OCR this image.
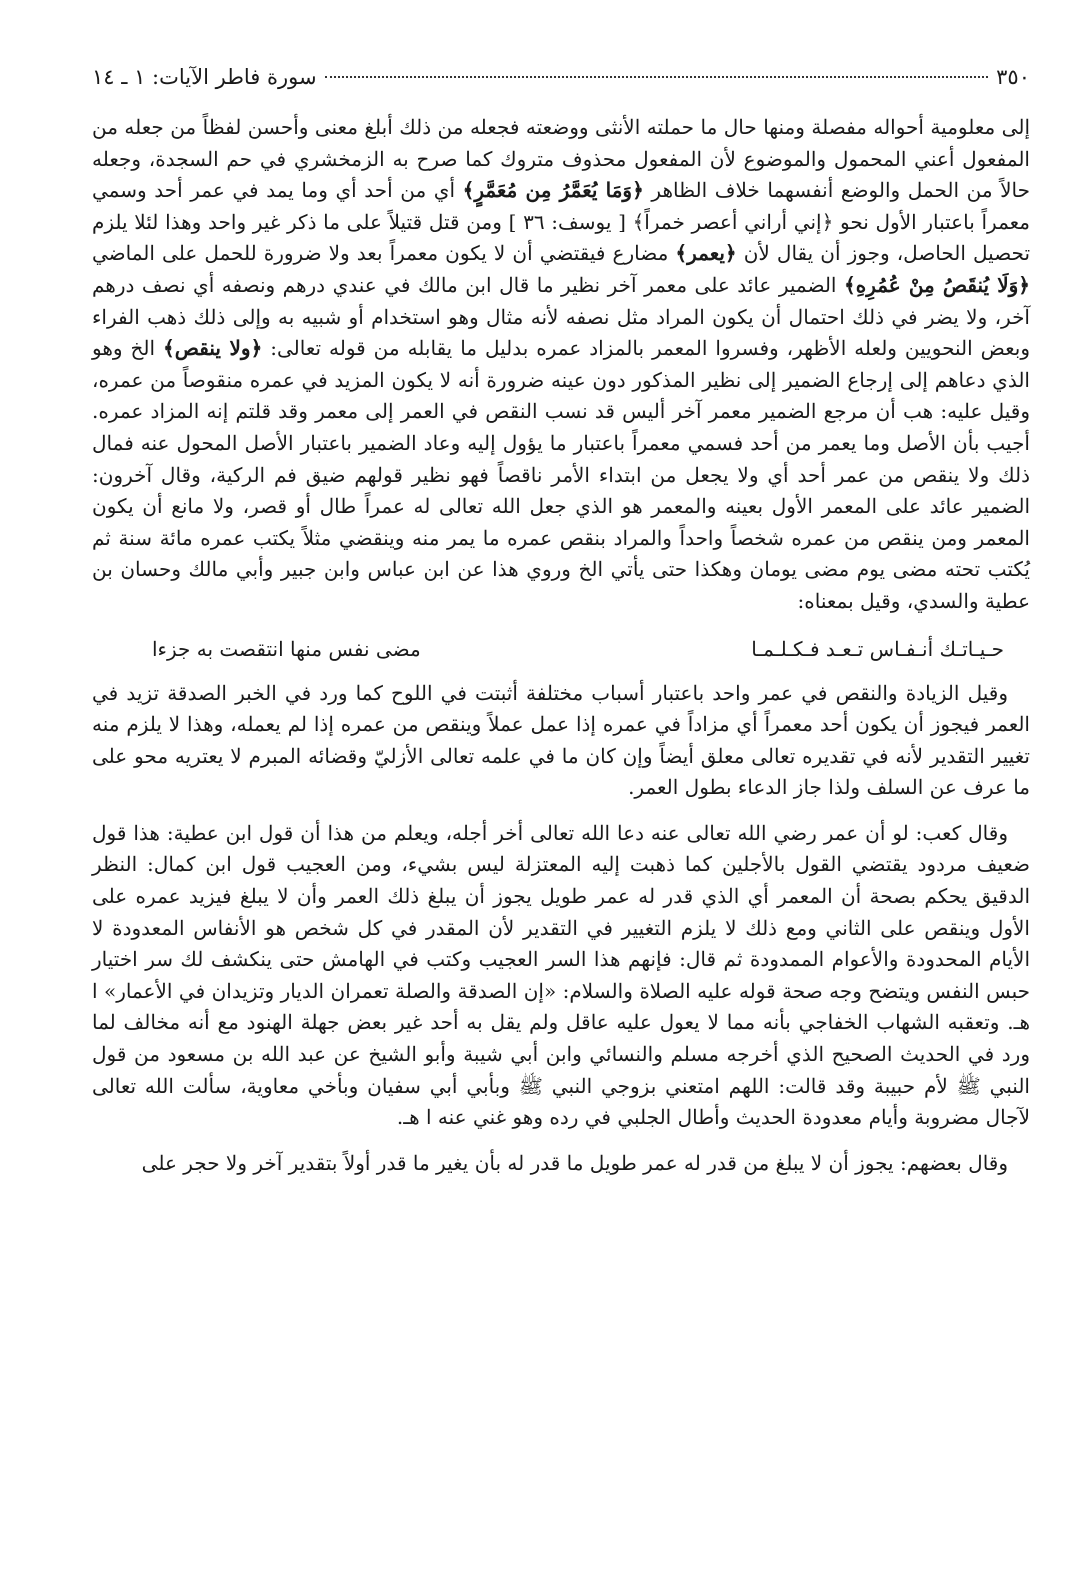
٣٥٠
سورة فاطر الآيات: ١ ـ ١٤

إلى معلومية أحواله مفصلة ومنها حال ما حملته الأنثى ووضعته فجعله من ذلك أبلغ معنى وأحسن لفظاً من جعله من المفعول أعني المحمول والموضوع لأن المفعول محذوف متروك كما صرح به الزمخشري في حم السجدة، وجعله حالاً من الحمل والوضع أنفسهما خلاف الظاهر ﴿وَمَا يُعَمَّرُ مِن مُعَمَّرٍ﴾ أي من أحد أي وما يمد في عمر أحد وسمي معمراً باعتبار الأول نحو ﴿إني أراني أعصر خمراً﴾ [ يوسف: ٣٦ ] ومن قتل قتيلاً على ما ذكر غير واحد وهذا لئلا يلزم تحصيل الحاصل، وجوز أن يقال لأن ﴿يعمر﴾ مضارع فيقتضي أن لا يكون معمراً بعد ولا ضرورة للحمل على الماضي ﴿وَلَا يُنقَصُ مِنْ عُمُرِهِ﴾ الضمير عائد على معمر آخر نظير ما قال ابن مالك في عندي درهم ونصفه أي نصف درهم آخر، ولا يضر في ذلك احتمال أن يكون المراد مثل نصفه لأنه مثال وهو استخدام أو شبيه به وإلى ذلك ذهب الفراء وبعض النحويين ولعله الأظهر، وفسروا المعمر بالمزاد عمره بدليل ما يقابله من قوله تعالى: ﴿ولا ينقص﴾ الخ وهو الذي دعاهم إلى إرجاع الضمير إلى نظير المذكور دون عينه ضرورة أنه لا يكون المزيد في عمره منقوصاً من عمره، وقيل عليه: هب أن مرجع الضمير معمر آخر أليس قد نسب النقص في العمر إلى معمر وقد قلتم إنه المزاد عمره. أجيب بأن الأصل وما يعمر من أحد فسمي معمراً باعتبار ما يؤول إليه وعاد الضمير باعتبار الأصل المحول عنه فمال ذلك ولا ينقص من عمر أحد أي ولا يجعل من ابتداء الأمر ناقصاً فهو نظير قولهم ضيق فم الركية، وقال آخرون: الضمير عائد على المعمر الأول بعينه والمعمر هو الذي جعل الله تعالى له عمراً طال أو قصر، ولا مانع أن يكون المعمر ومن ينقص من عمره شخصاً واحداً والمراد بنقص عمره ما يمر منه وينقضي مثلاً يكتب عمره مائة سنة ثم يُكتب تحته مضى يوم مضى يومان وهكذا حتى يأتي الخ وروي هذا عن ابن عباس وابن جبير وأبي مالك وحسان بن عطية والسدي، وقيل بمعناه:

حـيـاتـك أنـفـاس تـعـد فـكـلـمـا
مضى نفس منها انتقصت به جزءا

وقيل الزيادة والنقص في عمر واحد باعتبار أسباب مختلفة أثبتت في اللوح كما ورد في الخبر الصدقة تزيد في العمر فيجوز أن يكون أحد معمراً أي مزاداً في عمره إذا عمل عملاً وينقص من عمره إذا لم يعمله، وهذا لا يلزم منه تغيير التقدير لأنه في تقديره تعالى معلق أيضاً وإن كان ما في علمه تعالى الأزليّ وقضائه المبرم لا يعتريه محو على ما عرف عن السلف ولذا جاز الدعاء بطول العمر.

وقال كعب: لو أن عمر رضي الله تعالى عنه دعا الله تعالى أخر أجله، ويعلم من هذا أن قول ابن عطية: هذا قول ضعيف مردود يقتضي القول بالأجلين كما ذهبت إليه المعتزلة ليس بشيء، ومن العجيب قول ابن كمال: النظر الدقيق يحكم بصحة أن المعمر أي الذي قدر له عمر طويل يجوز أن يبلغ ذلك العمر وأن لا يبلغ فيزيد عمره على الأول وينقص على الثاني ومع ذلك لا يلزم التغيير في التقدير لأن المقدر في كل شخص هو الأنفاس المعدودة لا الأيام المحدودة والأعوام الممدودة ثم قال: فإنهم هذا السر العجيب وكتب في الهامش حتى ينكشف لك سر اختيار حبس النفس ويتضح وجه صحة قوله عليه الصلاة والسلام: «إن الصدقة والصلة تعمران الديار وتزيدان في الأعمار» ا هـ. وتعقبه الشهاب الخفاجي بأنه مما لا يعول عليه عاقل ولم يقل به أحد غير بعض جهلة الهنود مع أنه مخالف لما ورد في الحديث الصحيح الذي أخرجه مسلم والنسائي وابن أبي شيبة وأبو الشيخ عن عبد الله بن مسعود من قول النبي ﷺ لأم حبيبة وقد قالت: اللهم امتعني بزوجي النبي ﷺ وبأبي أبي سفيان وبأخي معاوية، سألت الله تعالى لآجال مضروبة وأيام معدودة الحديث وأطال الجلبي في رده وهو غني عنه ا هـ.

وقال بعضهم: يجوز أن لا يبلغ من قدر له عمر طويل ما قدر له بأن يغير ما قدر أولاً بتقدير آخر ولا حجر على
